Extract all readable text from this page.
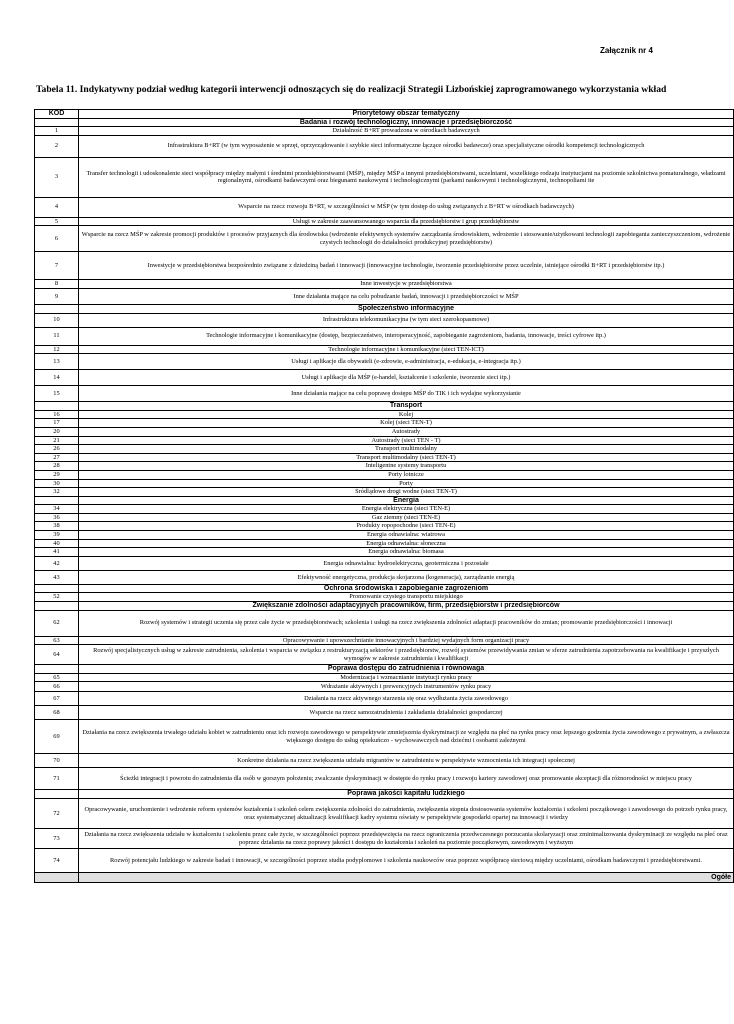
Załącznik nr 4
Tabela 11. Indykatywny podział według kategorii interwencji odnoszących się do realizacji Strategii Lizbońskiej zaprogramowanego wykorzystania wkład
KOD	Priorytetowy obszar tematyczny
	Badania i rozwój technologiczny, innowacje i przedsiębiorczość
1	Działalność B+RT prowadzona w ośrodkach badawczych
2	Infrastruktura B+RT (w tym wyposażenie w sprzęt, oprzyrządowanie i szybkie sieci informatyczne łączące ośrodki badawcze) oraz specjalistyczne ośrodki kompetencji technologicznych
3	Transfer technologii i udoskonalenie sieci współpracy między małymi i średnimi przedsiębiorstwami (MŚP), między MŚP a innymi przedsiębiorstwami, uczelniami, wszelkiego rodzaju instytucjami na poziomie szkolnictwa pomaturalnego, władzami regionalnymi, ośrodkami badawczymi oraz biegunami naukowymi i technologicznymi (parkami naukowymi i technologicznymi, technopoliami ite
4	Wsparcie na rzecz rozwoju B+RT, w szczególności w MŚP (w tym dostęp do usług związanych z B+RT w ośrodkach badawczych)
5	Usługi w zakresie zaawansowanego wsparcia dla przedsiębiorstw i grup przedsiębiorstw
6	Wsparcie na rzecz MŚP w zakresie promocji produktów i procesów przyjaznych dla środowiska (wdrożenie efektywnych systemów zarządzania środowiskiem, wdrożenie i stosowanie/użytkowani technologii zapobiegania zanieczyszczeniom, wdrożenie czystych technologii do działalności produkcyjnej przedsiębiorstw)
7	Inwestycje w przedsiębiorstwa bezpośrednio związane z dziedziną badań i innowacji (innowacyjne technologie, tworzenie przedsiębiorstw przez uczelnie, istniejące ośrodki B+RT i przedsiębiorstw itp.)
8	Inne inwestycje w przedsiębiorstwa
9	Inne działania mające na celu pobudzanie badań, innowacji i przedsiębiorczości w MŚP
	Społeczeństwo informacyjne
10	Infrastruktura telekomunikacyjna (w tym sieci szerokopasmowe)
11	Technologie informacyjne i komunikacyjne (dostęp, bezpieczeństwo, interoperacyjność, zapobieganie zagrożeniom, badania, innowacje, treści cyfrowe itp.)
12	Technologie informacyjne i komunikacyjne (sieci TEN-ICT)
13	Usługi i aplikacje dla obywateli (e-zdrowie, e-administracja, e-edukacja, e-integracja itp.)
14	Usługi i aplikacje dla MŚP (e-handel, kształcenie i szkolenie, tworzenie sieci itp.)
15	Inne działania mające na celu poprawę dostępu MŚP do TIK i ich wydajne wykorzystanie
	Transport
16	Kolej
17	Kolej (sieci TEN-T)
20	Autostrady
21	Autostrady (sieci TEN - T)
26	Transport multimodalny
27	Transport multimodalny (sieci TEN-T)
28	Inteligentne systemy transportu
29	Porty lotnicze
30	Porty
32	Śródlądowe drogi wodne (sieci TEN-T)
	Energia
34	Energia elektryczna (sieci TEN-E)
36	Gaz ziemny (sieci TEN-E)
38	Produkty ropopochodne (sieci TEN-E)
39	Energia odnawialna: wiatrowa
40	Energia odnawialna: słoneczna
41	Energia odnawialna: biomasa
42	Energia odnawialna: hydroelektryczna, geotermiczna i pozostałe
43	Efektywność energetyczna, produkcja skojarzona (kogeneracja), zarządzanie energią
	Ochrona środowiska i zapobieganie zagrożeniom
52	Promowanie czystego transportu miejskiego
	Zwiększanie zdolności adaptacyjnych pracowników, firm, przedsiębiorstw i przedsiębiorców
62	Rozwój systemów i strategii uczenia się przez całe życie w przedsiębiorstwach; szkolenia i usługi na rzecz zwiększenia zdolności adaptacji pracowników do zmian; promowanie przedsiębiorczości i innowacji
63	Opracowywanie i upowszechnianie innowacyjnych i bardziej wydajnych form organizacji pracy
64	Rozwój specjalistycznych usług w zakresie zatrudnienia, szkolenia i wsparcia w związku z restrukturyzacją sektorów i przedsiębiorstw, rozwój systemów przewidywania zmian w sferze zatrudnienia zapotrzebowania na kwalifikacje i przyszłych wymogów w zakresie zatrudnienia i kwalifikacji
	Poprawa dostępu do zatrudnienia i równowaga
65	Modernizacja i wzmacnianie instytucji rynku pracy
66	Wdrażanie aktywnych i prewencyjnych instrumentów rynku pracy
67	Działania na rzecz aktywnego starzenia się oraz wydłużania życia zawodowego
68	Wsparcie na rzecz samozatrudnienia i zakładania działalności gospodarczej
69	Działania na rzecz zwiększenia trwałego udziału kobiet w zatrudnieniu oraz ich rozwoju zawodowego w perspektywie zmniejszenia dyskryminacji ze względu na płeć na rynku pracy oraz lepszego godzenia życia zawodowego z prywatnym, a zwłaszcza większego dostępu do usług opiekuńczo - wychowawczych nad dziećmi i osobami zależnymi
70	Konkretne działania na rzecz zwiększenia udziału migrantów w zatrudnieniu w perspektywie wzmocnienia ich integracji społecznej
71	Ścieżki integracji i powrotu do zatrudnienia dla osób w gorszym położeniu; zwalczanie dyskryminacji w dostępie do rynku pracy i rozwoju kariery zawodowej oraz promowanie akceptacji dla różnorodności w miejscu pracy
	Poprawa jakości kapitału ludzkiego
72	Opracowywanie, uruchomienie i wdrożenie reform systemów kształcenia i szkoleń celem zwiększenia zdolności do zatrudnienia, zwiększenia stopnia dostosowania systemów kształcenia i szkoleni początkowego i zawodowego do potrzeb rynku pracy, oraz systematycznej aktualizacji kwalifikacji kadry systemu oświaty w perspektywie gospodarki opartej na innowacji i wiedzy
73	Działania na rzecz zwiększenia udziału w kształceniu i szkoleniu przez całe życie, w szczególności poprzez przedsięwzięcia na rzecz ograniczenia przedwczesnego porzucania skolaryzacji oraz zminimalizowania dyskryminacji ze względu na płeć oraz poprzez działania na rzecz poprawy jakości i dostępu do kształcenia i szkoleń na poziomie początkowym, zawodowym i wyższym
74	Rozwój potencjału ludzkiego w zakresie badań i innowacji, w szczególności poprzez studia podyplomowe i szkolenia naukowców oraz poprzez współpracę sieciową między uczelniami, ośrodkam badawczymi i przedsiębiorstwami.
	Ogółe
